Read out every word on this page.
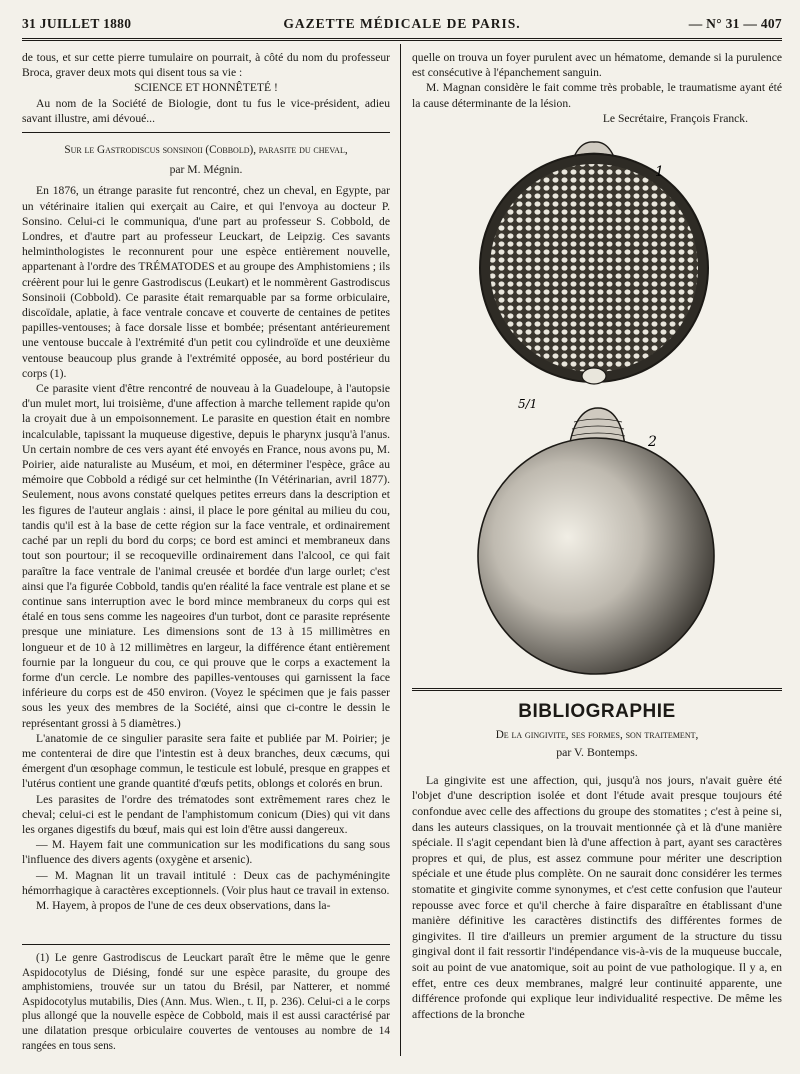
31 JUILLET 1880	GAZETTE MÉDICALE DE PARIS.	— N° 31 — 407

de tous, et sur cette pierre tumulaire on pourrait, à côté du nom du professeur Broca, graver deux mots qui disent tous sa vie :

SCIENCE ET HONNÊTETÉ !

Au nom de la Société de Biologie, dont tu fus le vice-président, adieu savant illustre, ami dévoué...

Sur le Gastrodiscus sonsinoii (Cobbold), parasite du cheval,

par M. Mégnin.

En 1876, un étrange parasite fut rencontré, chez un cheval, en Egypte, par un vétérinaire italien qui exerçait au Caire, et qui l'envoya au docteur P. Sonsino. Celui-ci le communiqua, d'une part au professeur S. Cobbold, de Londres, et d'autre part au professeur Leuckart, de Leipzig. Ces savants helminthologistes le reconnurent pour une espèce entièrement nouvelle, appartenant à l'ordre des TRÉMATODES et au groupe des Amphistomiens ; ils créèrent pour lui le genre Gastrodiscus (Leukart) et le nommèrent Gastrodiscus Sonsinoii (Cobbold). Ce parasite était remarquable par sa forme orbiculaire, discoïdale, aplatie, à face ventrale concave et couverte de centaines de petites papilles-ventouses; à face dorsale lisse et bombée; présentant antérieurement une ventouse buccale à l'extrémité d'un petit cou cylindroïde et une deuxième ventouse beaucoup plus grande à l'extrémité opposée, au bord postérieur du corps (1).

Ce parasite vient d'être rencontré de nouveau à la Guadeloupe, à l'autopsie d'un mulet mort, lui troisième, d'une affection à marche tellement rapide qu'on la croyait due à un empoisonnement. Le parasite en question était en nombre incalculable, tapissant la muqueuse digestive, depuis le pharynx jusqu'à l'anus. Un certain nombre de ces vers ayant été envoyés en France, nous avons pu, M. Poirier, aide naturaliste au Muséum, et moi, en déterminer l'espèce, grâce au mémoire que Cobbold a rédigé sur cet helminthe (In Vétérinarian, avril 1877). Seulement, nous avons constaté quelques petites erreurs dans la description et les figures de l'auteur anglais : ainsi, il place le pore génital au milieu du cou, tandis qu'il est à la base de cette région sur la face ventrale, et ordinairement caché par un repli du bord du corps; ce bord est aminci et membraneux dans tout son pourtour; il se recoqueville ordinairement dans l'alcool, ce qui fait paraître la face ventrale de l'animal creusée et bordée d'un large ourlet; c'est ainsi que l'a figurée Cobbold, tandis qu'en réalité la face ventrale est plane et se continue sans interruption avec le bord mince membraneux du corps qui est étalé en tous sens comme les nageoires d'un turbot, dont ce parasite représente presque une miniature. Les dimensions sont de 13 à 15 millimètres en longueur et de 10 à 12 millimètres en largeur, la différence étant entièrement fournie par la longueur du cou, ce qui prouve que le corps a exactement la forme d'un cercle. Le nombre des papilles-ventouses qui garnissent la face inférieure du corps est de 450 environ. (Voyez le spécimen que je fais passer sous les yeux des membres de la Société, ainsi que ci-contre le dessin le représentant grossi à 5 diamètres.)

L'anatomie de ce singulier parasite sera faite et publiée par M. Poirier; je me contenterai de dire que l'intestin est à deux branches, deux cæcums, qui émergent d'un œsophage commun, le testicule est lobulé, presque en grappes et l'utérus contient une grande quantité d'œufs petits, oblongs et colorés en brun.

Les parasites de l'ordre des trématodes sont extrêmement rares chez le cheval; celui-ci est le pendant de l'amphistomum conicum (Dies) qui vit dans les organes digestifs du bœuf, mais qui est loin d'être aussi dangereux.

— M. Hayem fait une communication sur les modifications du sang sous l'influence des divers agents (oxygène et arsenic).

— M. Magnan lit un travail intitulé : Deux cas de pachyméningite hémorrhagique à caractères exceptionnels. (Voir plus haut ce travail in extenso.

M. Hayem, à propos de l'une de ces deux observations, dans la-

(1) Le genre Gastrodiscus de Leuckart paraît être le même que le genre Aspidocotylus de Diésing, fondé sur une espèce parasite, du groupe des amphistomiens, trouvée sur un tatou du Brésil, par Natterer, et nommé Aspidocotylus mutabilis, Dies (Ann. Mus. Wien., t. II, p. 236). Celui-ci a le corps plus allongé que la nouvelle espèce de Cobbold, mais il est aussi caractérisé par une dilatation presque orbiculaire couvertes de ventouses au nombre de 14 rangées en tous sens.

quelle on trouva un foyer purulent avec un hématome, demande si la purulence est consécutive à l'épanchement sanguin.

M. Magnan considère le fait comme très probable, le traumatisme ayant été la cause déterminante de la lésion.

Le Secrétaire, François Franck.

1
5/1
2
BIBLIOGRAPHIE

De la gingivite, ses formes, son traitement,

par V. Bontemps.

La gingivite est une affection, qui, jusqu'à nos jours, n'avait guère été l'objet d'une description isolée et dont l'étude avait presque toujours été confondue avec celle des affections du groupe des stomatites ; c'est à peine si, dans les auteurs classiques, on la trouvait mentionnée çà et là d'une manière spéciale. Il s'agit cependant bien là d'une affection à part, ayant ses caractères propres et qui, de plus, est assez commune pour mériter une description spéciale et une étude plus complète. On ne saurait donc considérer les termes stomatite et gingivite comme synonymes, et c'est cette confusion que l'auteur repousse avec force et qu'il cherche à faire disparaître en établissant d'une manière définitive les caractères distinctifs des différentes formes de gingivites. Il tire d'ailleurs un premier argument de la structure du tissu gingival dont il fait ressortir l'indépendance vis-à-vis de la muqueuse buccale, soit au point de vue anatomique, soit au point de vue pathologique. Il y a, en effet, entre ces deux membranes, malgré leur continuité apparente, une différence profonde qui explique leur individualité respective. De même les affections de la bronche
